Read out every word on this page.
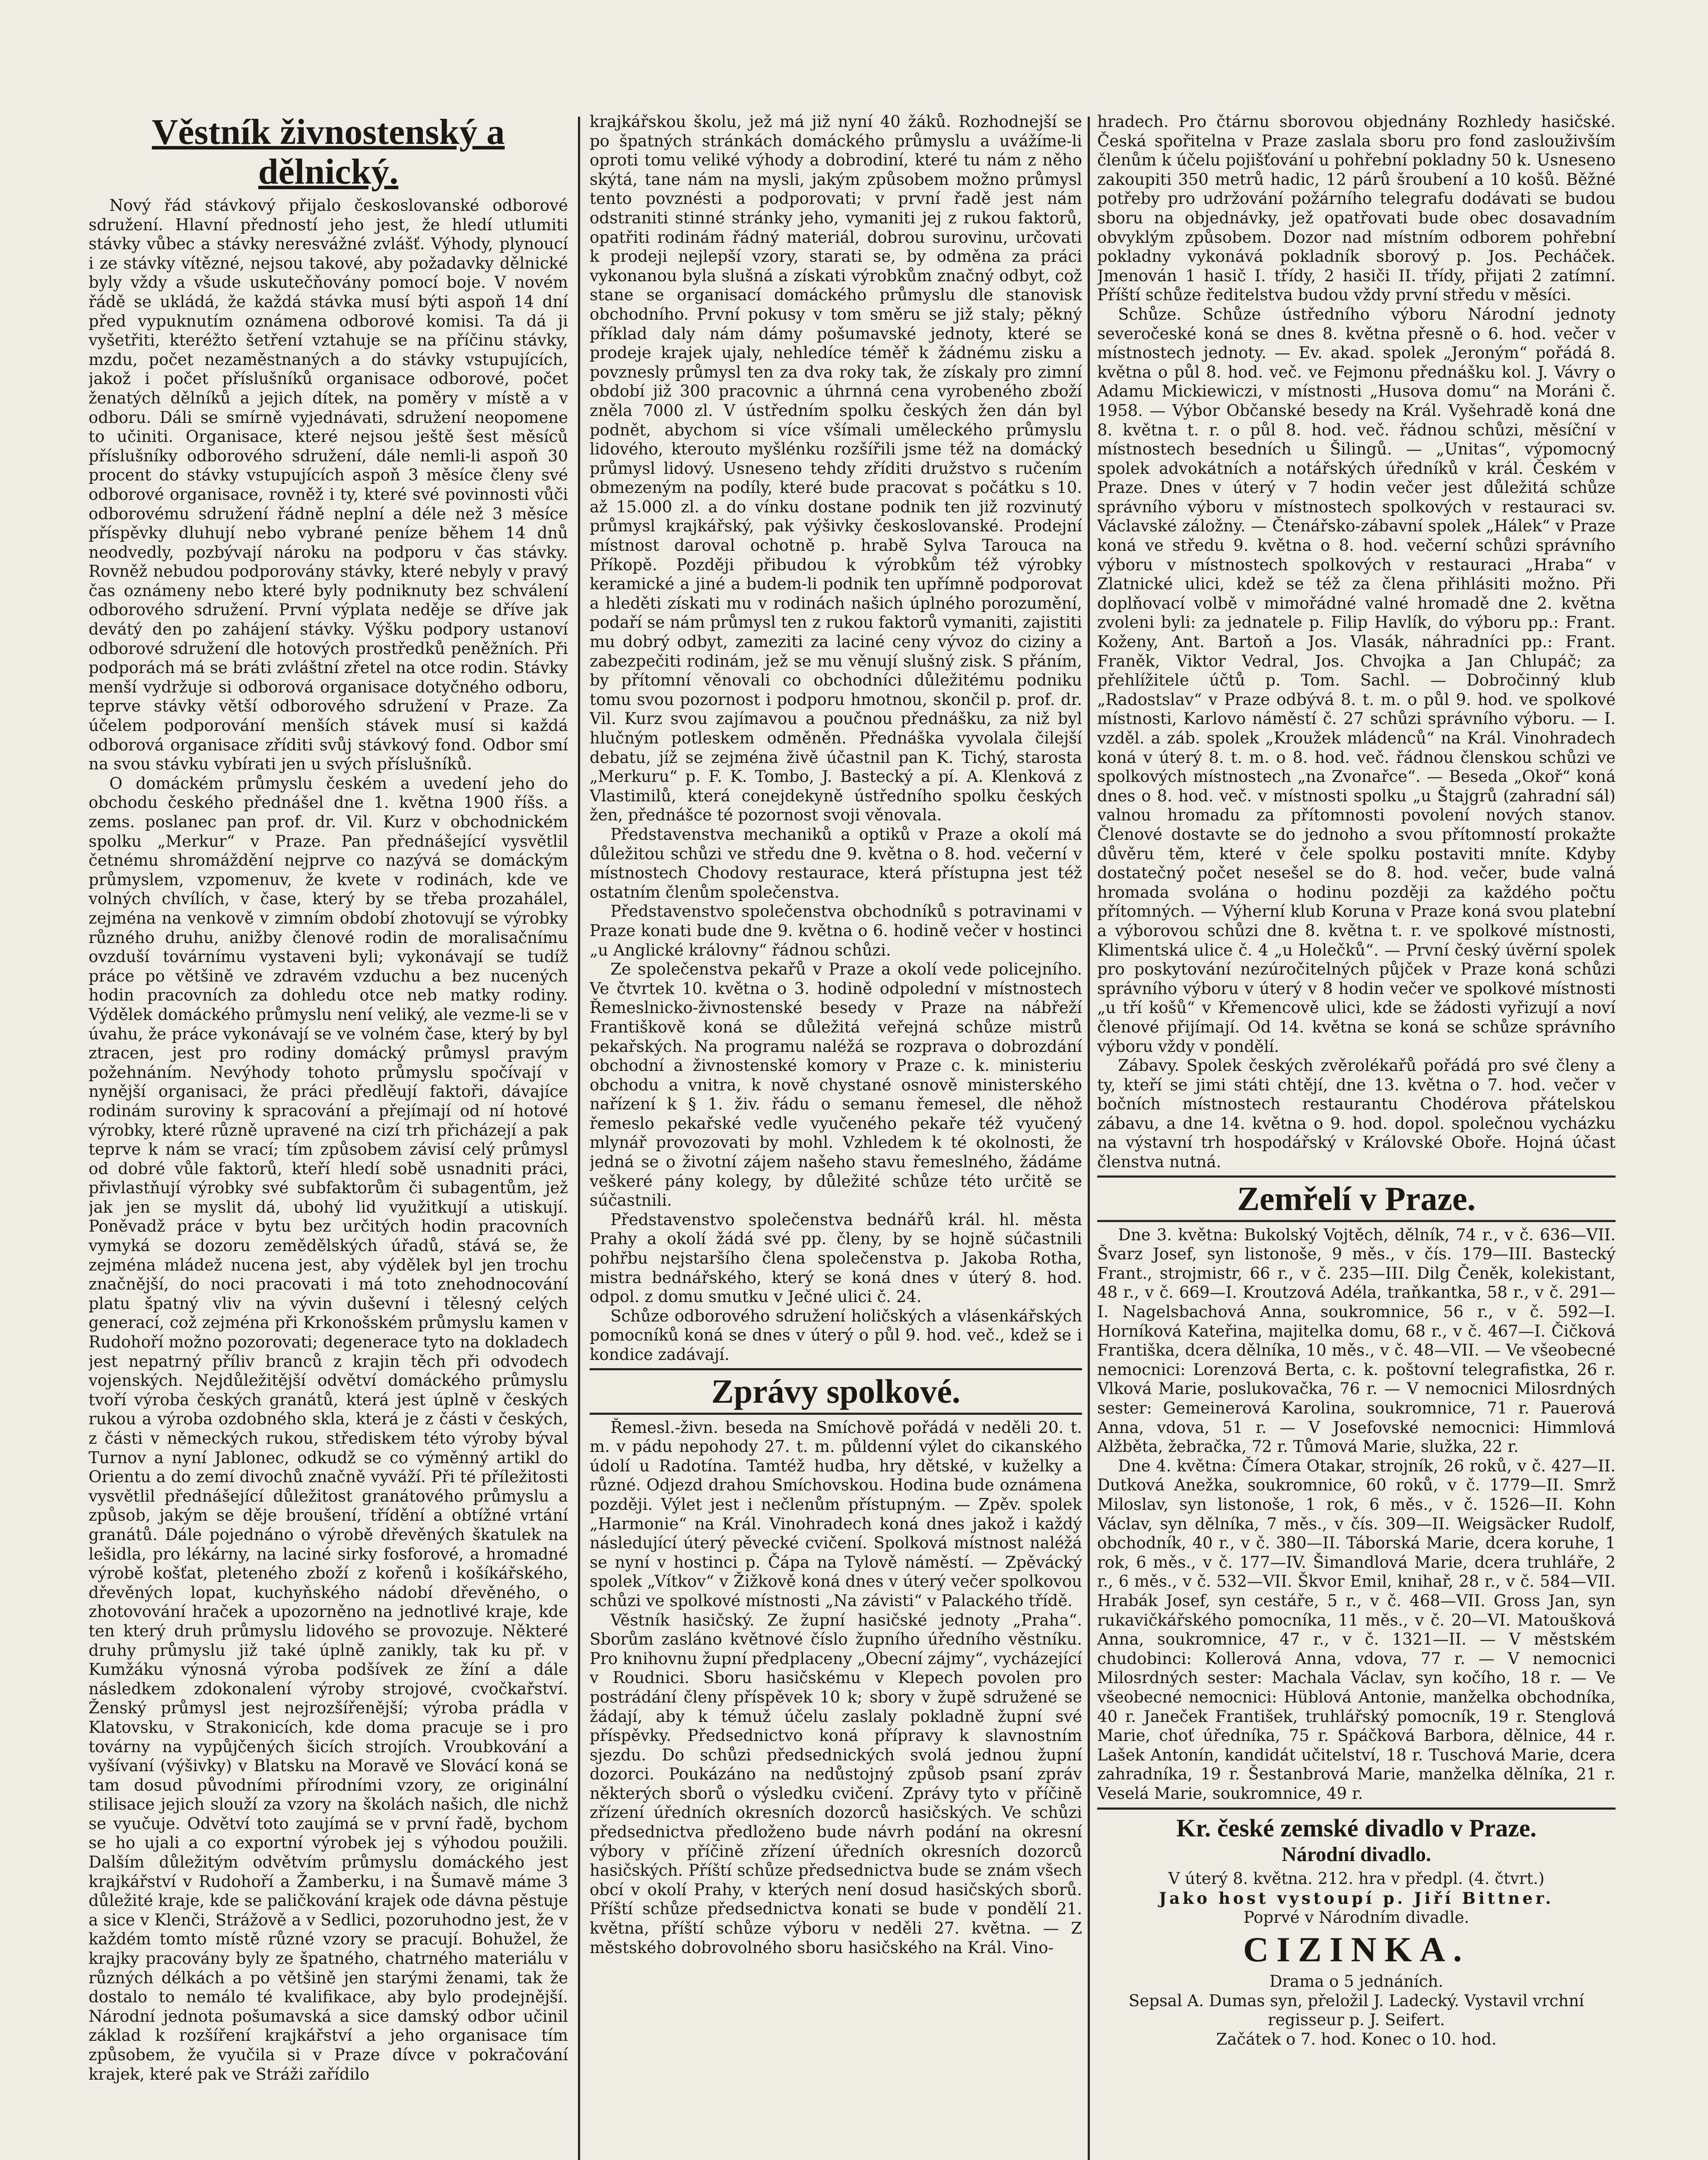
Věstník živnostenský a dělnický.

Nový řád stávkový přijalo českoslovanské odborové sdružení. Hlavní předností jeho jest, že hledí utlumiti stávky vůbec a stávky neresvážné zvlášť. Výhody, plynoucí i ze stávky vítězné, nejsou takové, aby požadavky dělnické byly vždy a všude uskutečňovány pomocí boje. V novém řádě se ukládá, že každá stávka musí býti aspoň 14 dní před vypuknutím oznámena odborové komisi. Ta dá ji vyšetřiti, kteréžto šetření vztahuje se na příčinu stávky, mzdu, počet nezaměstnaných a do stávky vstupujících, jakož i počet příslušníků organisace odborové, počet ženatých dělníků a jejich dítek, na poměry v místě a v odboru. Dáli se smírně vyjednávati, sdružení neopomene to učiniti. Organisace, které nejsou ještě šest měsíců příslušníky odborového sdružení, dále nemli-li aspoň 30 procent do stávky vstupujících aspoň 3 měsíce členy své odborové organisace, rovněž i ty, které své povinnosti vůči odborovému sdružení řádně neplní a déle než 3 měsíce příspěvky dluhují nebo vybrané peníze během 14 dnů neodvedly, pozbývají nároku na podporu v čas stávky. Rovněž nebudou podporovány stávky, které nebyly v pravý čas oznámeny nebo které byly podniknuty bez schválení odborového sdružení. První výplata neděje se dříve jak devátý den po zahájení stávky. Výšku podpory ustanoví odborové sdružení dle hotových prostředků peněžních. Při podporách má se bráti zvláštní zřetel na otce rodin. Stávky menší vydržuje si odborová organisace dotyčného odboru, teprve stávky větší odborového sdružení v Praze. Za účelem podporování menších stávek musí si každá odborová organisace zříditi svůj stávkový fond. Odbor smí na svou stávku vybírati jen u svých příslušníků.

O domáckém průmyslu českém a uvedení jeho do obchodu českého přednášel dne 1. května 1900 říšs. a zems. poslanec pan prof. dr. Vil. Kurz v obchodnickém spolku „Merkur“ v Praze. Pan přednášející vysvětlil četnému shromáždění nejprve co nazývá se domáckým průmyslem, vzpomenuv, že kvete v rodinách, kde ve volných chvílích, v čase, který by se třeba prozahálel, zejména na venkově v zimním období zhotovují se výrobky různého druhu, anižby členové rodin de moralisačnímu ovzduší továrnímu vystaveni byli; vykonávají se tudíž práce po většině ve zdravém vzduchu a bez nucených hodin pracovních za dohledu otce neb matky rodiny. Výdělek domáckého průmyslu není veliký, ale vezme-li se v úvahu, že práce vykonávají se ve volném čase, který by byl ztracen, jest pro rodiny domácký průmysl pravým požehnáním. Nevýhody tohoto průmyslu spočívají v nynější organisaci, že práci předlěují faktoři, dávajíce rodinám suroviny k spracování a přejímají od ní hotové výrobky, které různě upravené na cizí trh přicházejí a pak teprve k nám se vrací; tím způsobem závisí celý průmysl od dobré vůle faktorů, kteří hledí sobě usnadniti práci, přivlastňují výrobky své subfaktorům či subagentům, jež jak jen se myslit dá, ubohý lid využitkují a utiskují. Poněvadž práce v bytu bez určitých hodin pracovních vymyká se dozoru zemědělských úřadů, stává se, že zejména mládež nucena jest, aby výdělek byl jen trochu značnější, do noci pracovati i má toto znehodnocování platu špatný vliv na vývin duševní i tělesný celých generací, což zejména při Krkonošském průmyslu kamen v Rudohoří možno pozorovati; degenerace tyto na dokladech jest nepatrný příliv branců z krajin těch při odvodech vojenských. Nejdůležitější odvětví domáckého průmyslu tvoří výroba českých granátů, která jest úplně v českých rukou a výroba ozdobného skla, která je z části v českých, z části v německých rukou, střediskem této výroby býval Turnov a nyní Jablonec, odkudž se co výměnný artikl do Orientu a do zemí divochů značně vyváží. Při té příležitosti vysvětlil přednášející důležitost granátového průmyslu a způsob, jakým se děje broušení, třídění a obtížné vrtání granátů. Dále pojednáno o výrobě dřevěných škatulek na lešidla, pro lékárny, na laciné sirky fosforové, a hromadné výrobě košťat, pleteného zboží z kořenů i košíkářského, dřevěných lopat, kuchyňského nádobí dřevěného, o zhotovování hraček a upozorněno na jednotlivé kraje, kde ten který druh průmyslu lidového se provozuje. Některé druhy průmyslu již také úplně zanikly, tak ku př. v Kumžáku výnosná výroba podšívek ze žíní a dále následkem zdokonalení výroby strojové, cvočkařství. Ženský průmysl jest nejrozšířenější; výroba prádla v Klatovsku, v Strakonicích, kde doma pracuje se i pro továrny na vypůjčených šicích strojích. Vroubkování a vyšívaní (výšivky) v Blatsku na Moravě ve Slovácí koná se tam dosud původními přírodními vzory, ze originální stilisace jejich slouží za vzory na školách našich, dle nichž se vyučuje. Odvětví toto zaujímá se v první řadě, bychom se ho ujali a co exportní výrobek jej s výhodou použili. Dalším důležitým odvětvím průmyslu domáckého jest krajkářství v Rudohoří a Žamberku, i na Šumavě máme 3 důležité kraje, kde se paličkování krajek ode dávna pěstuje a sice v Klenči, Strážově a v Sedlici, pozoruhodno jest, že v každém tomto místě různé vzory se pracují. Bohužel, že krajky pracovány byly ze špatného, chatrného materiálu v různých délkách a po většině jen starými ženami, tak že dostalo to nemálo té kvalifikace, aby bylo prodejnější. Národní jednota pošumavská a sice damský odbor učinil základ k rozšíření krajkářství a jeho organisace tím způsobem, že vyučila si v Praze dívce v pokračování krajek, které pak ve Stráži zařídilo

krajkářskou školu, jež má již nyní 40 žáků. Rozhodnejší se po špatných stránkách domáckého průmyslu a uvážíme-li oproti tomu veliké výhody a dobrodiní, které tu nám z něho skýtá, tane nám na mysli, jakým způsobem možno průmysl tento povznésti a podporovati; v první řadě jest nám odstraniti stinné stránky jeho, vymaniti jej z rukou faktorů, opatřiti rodinám řádný materiál, dobrou surovinu, určovati k prodeji nejlepší vzory, starati se, by odměna za práci vykonanou byla slušná a získati výrobkům značný odbyt, což stane se organisací domáckého průmyslu dle stanovisk obchodního. První pokusy v tom směru se již staly; pěkný příklad daly nám dámy pošumavské jednoty, které se prodeje krajek ujaly, nehledíce téměř k žádnému zisku a povznesly průmysl ten za dva roky tak, že získaly pro zimní období již 300 pracovnic a úhrnná cena vyrobeného zboží zněla 7000 zl. V ústředním spolku českých žen dán byl podnět, abychom si více všímali uměleckého průmyslu lidového, kterouto myšlénku rozšířili jsme též na domácký průmysl lidový. Usneseno tehdy zříditi družstvo s ručením obmezeným na podíly, které bude pracovat s počátku s 10. až 15.000 zl. a do vínku dostane podnik ten již rozvinutý průmysl krajkářský, pak výšivky českoslovanské. Prodejní místnost daroval ochotně p. hrabě Sylva Tarouca na Příkopě. Později přibudou k výrobkům též výrobky keramické a jiné a budem-li podnik ten upřímně podporovat a hleděti získati mu v rodinách našich úplného porozumění, podaří se nám průmysl ten z rukou faktorů vymaniti, zajistiti mu dobrý odbyt, zameziti za laciné ceny vývoz do ciziny a zabezpečiti rodinám, jež se mu věnují slušný zisk. S přáním, by přítomní věnovali co obchodníci důležitému podniku tomu svou pozornost i podporu hmotnou, skončil p. prof. dr. Vil. Kurz svou zajímavou a poučnou přednášku, za niž byl hlučným potleskem odměněn. Přednáška vyvolala čilejší debatu, jíž se zejména živě účastnil pan K. Tichý, starosta „Merkuru“ p. F. K. Tombo, J. Bastecký a pí. A. Klenková z Vlastimilů, která conejdekyně ústředního spolku českých žen, přednášce té pozornost svoji věnovala.

Představenstva mechaniků a optiků v Praze a okolí má důležitou schůzi ve středu dne 9. května o 8. hod. večerní v místnostech Chodovy restaurace, která přístupna jest též ostatním členům společenstva.

Představenstvo společenstva obchodníků s potravinami v Praze konati bude dne 9. května o 6. hodině večer v hostinci „u Anglické královny“ řádnou schůzi.

Ze společenstva pekařů v Praze a okolí vede policejního. Ve čtvrtek 10. května o 3. hodině odpolední v místnostech Řemeslnicko-živnostenské besedy v Praze na nábřeží Františkově koná se důležitá veřejná schůze mistrů pekařských. Na programu naléžá se rozprava o dobrozdání obchodní a živnostenské komory v Praze c. k. ministeriu obchodu a vnitra, k nově chystané osnově ministerského nařízení k § 1. živ. řádu o semanu řemesel, dle něhož řemeslo pekařské vedle vyučeného pekaře též vyučený mlynář provozovati by mohl. Vzhledem k té okolnosti, že jedná se o životní zájem našeho stavu řemeslného, žádáme veškeré pány kolegy, by důležité schůze této určitě se súčastnili.

Představenstvo společenstva bednářů král. hl. města Prahy a okolí žádá své pp. členy, by se hojně súčastnili pohřbu nejstaršího člena společenstva p. Jakoba Rotha, mistra bednářského, který se koná dnes v úterý 8. hod. odpol. z domu smutku v Ječné ulici č. 24.

Schůze odborového sdružení holičských a vlásenkářských pomocníků koná se dnes v úterý o půl 9. hod. več., kdež se i kondice zadávají.

Zprávy spolkové.

Řemesl.-živn. beseda na Smíchově pořádá v neděli 20. t. m. v pádu nepohody 27. t. m. půldenní výlet do cikanského údolí u Radotína. Tamtéž hudba, hry dětské, v kuželky a různé. Odjezd drahou Smíchovskou. Hodina bude oznámena později. Výlet jest i nečlenům přístupným. — Zpěv. spolek „Harmonie“ na Král. Vinohradech koná dnes jakož i každý následující úterý pěvecké cvičení. Spolková místnost naléžá se nyní v hostinci p. Čápa na Tylově náměstí. — Zpěvácký spolek „Vítkov“ v Žižkově koná dnes v úterý večer spolkovou schůzi ve spolkové místnosti „Na závisti“ v Palackého třídě.

Věstník hasičský. Ze župní hasičské jednoty „Praha“. Sborům zasláno květnové číslo župního úředního věstníku. Pro knihovnu župní předplaceny „Obecní zájmy“, vycházející v Roudnici. Sboru hasičskému v Klepech povolen pro postrádání členy příspěvek 10 k; sbory v župě sdružené se žádají, aby k témuž účelu zaslaly pokladně župní své příspěvky. Předsednictvo koná přípravy k slavnostním sjezdu. Do schůzi předsednických svolá jednou župní dozorci. Poukázáno na nedůstojný způsob psaní zpráv některých sborů o výsledku cvičení. Zprávy tyto v příčině zřízení úředních okresních dozorců hasičských. Ve schůzi předsednictva předloženo bude návrh podání na okresní výbory v příčině zřízení úředních okresních dozorců hasičských. Příští schůze předsednictva bude se znám všech obcí v okolí Prahy, v kterých není dosud hasičských sborů. Příští schůze předsednictva konati se bude v pondělí 21. května, příští schůze výboru v neděli 27. května. — Z městského dobrovolného sboru hasičského na Král. Vino-

hradech. Pro čtárnu sborovou objednány Rozhledy hasičské. Česká spořitelna v Praze zaslala sboru pro fond zaslouživším členům k účelu pojišťování u pohřební pokladny 50 k. Usneseno zakoupiti 350 metrů hadic, 12 párů šroubení a 10 košů. Běžné potřeby pro udržování požárního telegrafu dodávati se budou sboru na objednávky, jež opatřovati bude obec dosavadním obvyklým způsobem. Dozor nad místním odborem pohřební pokladny vykonává pokladník sborový p. Jos. Pecháček. Jmenován 1 hasič I. třídy, 2 hasiči II. třídy, přijati 2 zatímní. Příští schůze ředitelstva budou vždy první středu v měsíci.

Schůze. Schůze ústředního výboru Národní jednoty severočeské koná se dnes 8. května přesně o 6. hod. večer v místnostech jednoty. — Ev. akad. spolek „Jeroným“ pořádá 8. května o půl 8. hod. več. ve Fejmonu přednášku kol. J. Vávry o Adamu Mickiewiczi, v místnosti „Husova domu“ na Moráni č. 1958. — Výbor Občanské besedy na Král. Vyšehradě koná dne 8. května t. r. o půl 8. hod. več. řádnou schůzi, měsíční v místnostech besedních u Šilingů. — „Unitas“, výpomocný spolek advokátních a notářských úředníků v král. Českém v Praze. Dnes v úterý v 7 hodin večer jest důležitá schůze správního výboru v místnostech spolkových v restauraci sv. Václavské záložny. — Čtenářsko-zábavní spolek „Hálek“ v Praze koná ve středu 9. května o 8. hod. večerní schůzi správního výboru v místnostech spolkových v restauraci „Hraba“ v Zlatnické ulici, kdež se též za člena přihlásiti možno. Při doplňovací volbě v mimořádné valné hromadě dne 2. května zvoleni byli: za jednatele p. Filip Havlík, do výboru pp.: Frant. Koženy, Ant. Bartoň a Jos. Vlasák, náhradníci pp.: Frant. Franěk, Viktor Vedral, Jos. Chvojka a Jan Chlupáč; za přehlížitele účtů p. Tom. Sachl. — Dobročinný klub „Radostslav“ v Praze odbývá 8. t. m. o půl 9. hod. ve spolkové místnosti, Karlovo náměstí č. 27 schůzi správního výboru. — I. vzděl. a záb. spolek „Kroužek mládenců“ na Král. Vinohradech koná v úterý 8. t. m. o 8. hod. več. řádnou členskou schůzi ve spolkových místnostech „na Zvonařce“. — Beseda „Okoř“ koná dnes o 8. hod. več. v místnosti spolku „u Štajgrů (zahradní sál) valnou hromadu za přítomnosti povolení nových stanov. Členové dostavte se do jednoho a svou přítomností prokažte důvěru těm, které v čele spolku postaviti mníte. Kdyby dostatečný počet nesešel se do 8. hod. večer, bude valná hromada svolána o hodinu později za každého počtu přítomných. — Výherní klub Koruna v Praze koná svou platební a výborovou schůzi dne 8. května t. r. ve spolkové místnosti, Klimentská ulice č. 4 „u Holečků“. — První český úvěrní spolek pro poskytování nezúročitelných půjček v Praze koná schůzi správního výboru v úterý v 8 hodin večer ve spolkové místnosti „u tří košů“ v Křemencově ulici, kde se žádosti vyřizují a noví členové přijímají. Od 14. května se koná se schůze správního výboru vždy v pondělí.

Zábavy. Spolek českých zvěrolékařů pořádá pro své členy a ty, kteří se jimi státi chtějí, dne 13. května o 7. hod. večer v bočních místnostech restaurantu Chodérova přátelskou zábavu, a dne 14. května o 9. hod. dopol. společnou vycházku na výstavní trh hospodářský v Královské Oboře. Hojná účast členstva nutná.

Zemřelí v Praze.

Dne 3. května: Bukolský Vojtěch, dělník, 74 r., v č. 636—VII. Švarz Josef, syn listonoše, 9 měs., v čís. 179—III. Bastecký Frant., strojmistr, 66 r., v č. 235—III. Dilg Čeněk, kolekistant, 48 r., v č. 669—I. Kroutzová Adéla, traňkantka, 58 r., v č. 291—I. Nagelsbachová Anna, soukromnice, 56 r., v č. 592—I. Horníková Kateřina, majitelka domu, 68 r., v č. 467—I. Čičková Františka, dcera dělníka, 10 měs., v č. 48—VII. — Ve všeobecné nemocnici: Lorenzová Berta, c. k. poštovní telegrafistka, 26 r. Vlková Marie, poslukovačka, 76 r. — V nemocnici Milosrdných sester: Gemeinerová Karolina, soukromnice, 71 r. Pauerová Anna, vdova, 51 r. — V Josefovské nemocnici: Himmlová Alžběta, žebračka, 72 r. Tůmová Marie, služka, 22 r.

Dne 4. května: Čímera Otakar, strojník, 26 roků, v č. 427—II. Dutková Anežka, soukromnice, 60 roků, v č. 1779—II. Smrž Miloslav, syn listonoše, 1 rok, 6 měs., v č. 1526—II. Kohn Václav, syn dělníka, 7 měs., v čís. 309—II. Weigsäcker Rudolf, obchodník, 40 r., v č. 380—II. Táborská Marie, dcera koruhe, 1 rok, 6 měs., v č. 177—IV. Šimandlová Marie, dcera truhláře, 2 r., 6 měs., v č. 532—VII. Škvor Emil, knihař, 28 r., v č. 584—VII. Hrabák Josef, syn cestáře, 5 r., v č. 468—VII. Gross Jan, syn rukavičkářského pomocníka, 11 měs., v č. 20—VI. Matoušková Anna, soukromnice, 47 r., v č. 1321—II. — V městském chudobinci: Kollerová Anna, vdova, 77 r. — V nemocnici Milosrdných sester: Machala Václav, syn kočího, 18 r. — Ve všeobecné nemocnici: Hüblová Antonie, manželka obchodníka, 40 r. Janeček František, truhlářský pomocník, 19 r. Stenglová Marie, choť úředníka, 75 r. Spáčková Barbora, dělnice, 44 r. Lašek Antonín, kandidát učitelství, 18 r. Tuschová Marie, dcera zahradníka, 19 r. Šestanbrová Marie, manželka dělníka, 21 r. Veselá Marie, soukromnice, 49 r.

Kr. české zemské divadlo v Praze.
Národní divadlo.

V úterý 8. května. 212. hra v předpl. (4. čtvrt.)

Jako host vystoupí p. Jiří Bittner.

Poprvé v Národním divadle.

CIZINKA.

Drama o 5 jednáních.

Sepsal A. Dumas syn, přeložil J. Ladecký. Vystavil vrchní regisseur p. J. Seifert.

Začátek o 7. hod. Konec o 10. hod.
